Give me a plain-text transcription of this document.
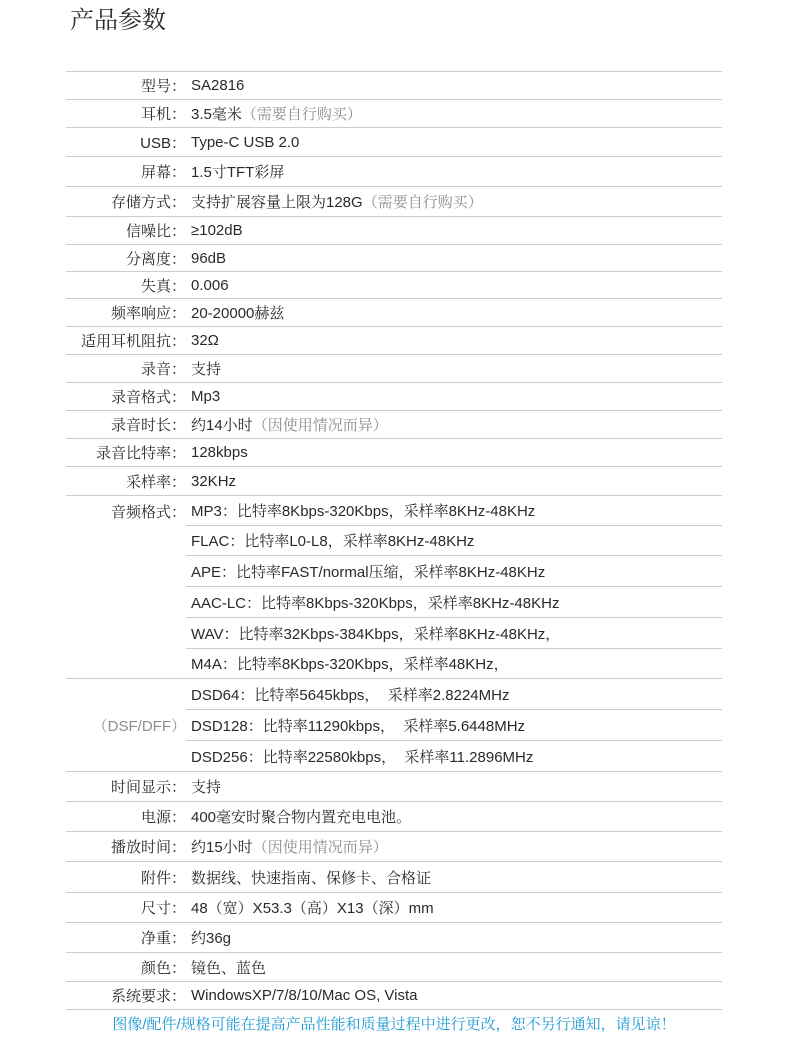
产品参数
型号： SA2816
耳机： 3.5毫米（需要自行购买）
USB： Type-C USB 2.0
屏幕： 1.5寸TFT彩屏
存储方式： 支持扩展容量上限为128G（需要自行购买）
信噪比： ≥102dB
分离度： 96dB
失真： 0.006
频率响应： 20-20000赫兹
适用耳机阻抗： 32Ω
录音： 支持
录音格式： Mp3
录音时长： 约14小时（因使用情况而异）
录音比特率： 128kbps
采样率： 32KHz
音频格式： MP3：比特率8Kbps-320Kbps，采样率8KHz-48KHz
FLAC：比特率L0-L8，采样率8KHz-48KHz
APE：比特率FAST/normal压缩，采样率8KHz-48KHz
AAC-LC：比特率8Kbps-320Kbps，采样率8KHz-48KHz
WAV：比特率32Kbps-384Kbps，采样率8KHz-48KHz，
M4A：比特率8Kbps-320Kbps，采样率48KHz，
（DSF/DFF）
DSD64：比特率5645kbps，  采样率2.8224MHz
DSD128：比特率11290kbps，  采样率5.6448MHz
DSD256：比特率22580kbps，  采样率11.2896MHz
时间显示： 支持
电源： 400毫安时聚合物内置充电电池。
播放时间： 约15小时（因使用情况而异）
附件： 数据线、快速指南、保修卡、合格证
尺寸： 48（宽）X53.3（高）X13（深）mm
净重： 约36g
颜色： 镜色、蓝色
系统要求： WindowsXP/7/8/10/Mac OS, Vista
图像/配件/规格可能在提高产品性能和质量过程中进行更改，恕不另行通知，请见谅！
